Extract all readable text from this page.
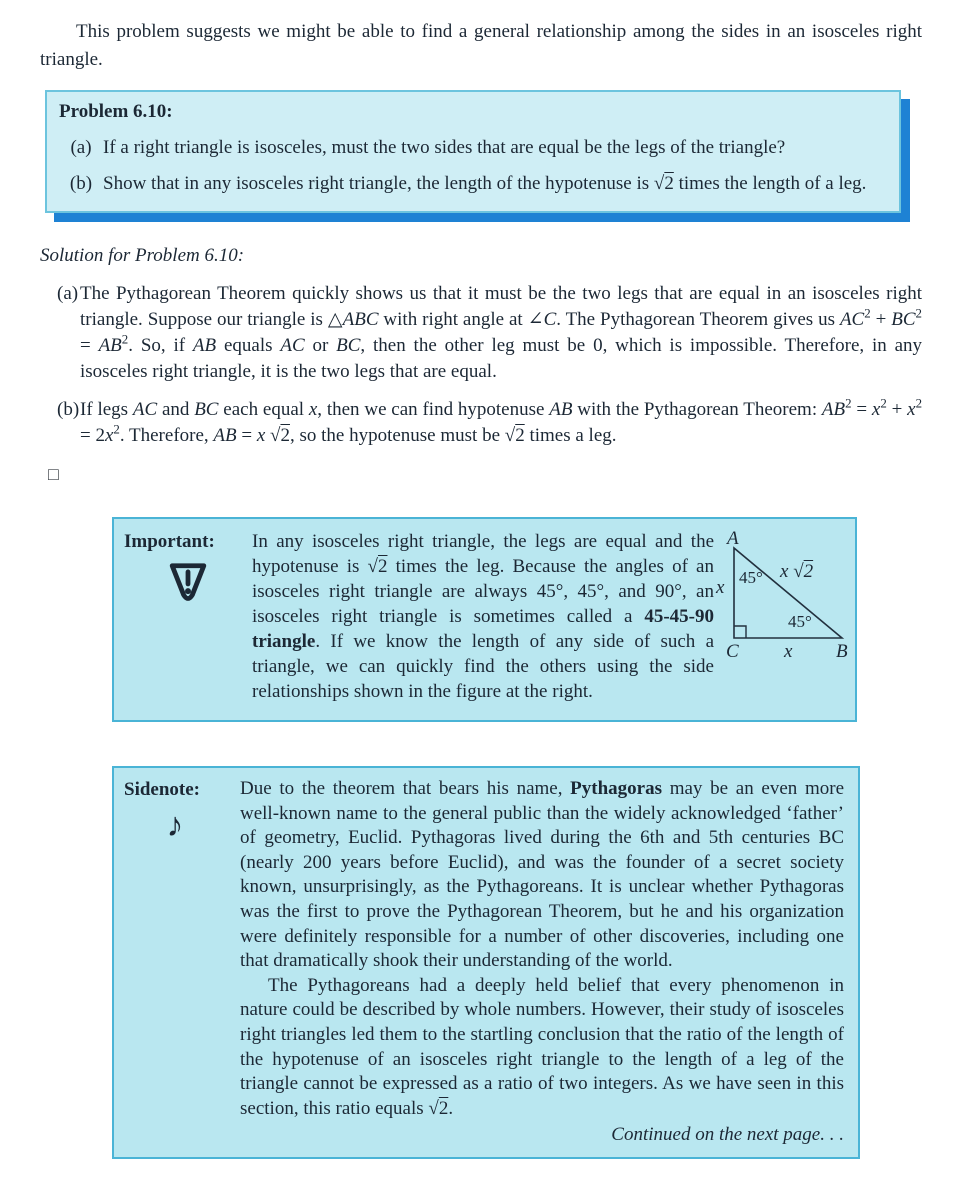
This problem suggests we might be able to find a general relationship among the sides in an isosceles right triangle.

Problem 6.10:
(a) If a right triangle is isosceles, must the two sides that are equal be the legs of the triangle?
(b) Show that in any isosceles right triangle, the length of the hypotenuse is √2 times the length of a leg.

Solution for Problem 6.10:

(a) The Pythagorean Theorem quickly shows us that it must be the two legs that are equal in an isosceles right triangle. Suppose our triangle is △ABC with right angle at ∠C. The Pythagorean Theorem gives us $AC^2 + BC^2 = AB^2$. So, if AB equals AC or BC, then the other leg must be 0, which is impossible. Therefore, in any isosceles right triangle, it is the two legs that are equal.
(b) If legs AC and BC each equal x, then we can find hypotenuse AB with the Pythagorean Theorem: $AB^2 = x^2 + x^2 = 2x^2$. Therefore, AB = x √2, so the hypotenuse must be √2 times a leg.
□
Important: In any isosceles right triangle, the legs are equal and the hypotenuse is √2 times the leg. Because the angles of an isosceles right triangle are always 45°, 45°, and 90°, an isosceles right triangle is sometimes called a 45-45-90 triangle. If we know the length of any side of such a triangle, we can quickly find the others using the side relationships shown in the figure at the right.
A
x 45° x √2
45°
C x B
Sidenote:
♪

Due to the theorem that bears his name, Pythagoras may be an even more well-known name to the general public than the widely acknowledged ‘father’ of geometry, Euclid. Pythagoras lived during the 6th and 5th centuries BC (nearly 200 years before Euclid), and was the founder of a secret society known, unsurprisingly, as the Pythagoreans. It is unclear whether Pythagoras was the first to prove the Pythagorean Theorem, but he and his organization were definitely responsible for a number of other discoveries, including one that dramatically shook their understanding of the world.

The Pythagoreans had a deeply held belief that every phenomenon in nature could be described by whole numbers. However, their study of isosceles right triangles led them to the startling conclusion that the ratio of the length of the hypotenuse of an isosceles right triangle to the length of a leg of the triangle cannot be expressed as a ratio of two integers. As we have seen in this section, this ratio equals √2.

Continued on the next page. . .
